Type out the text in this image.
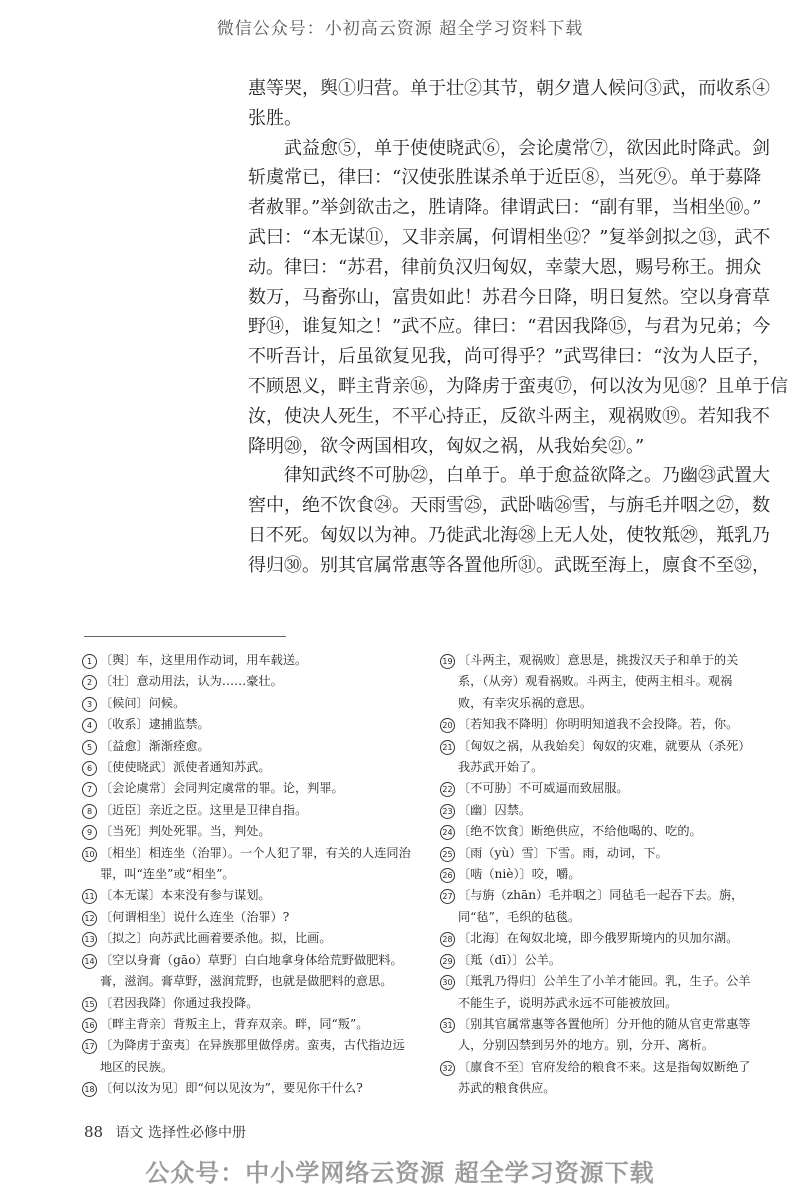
微信公众号：小初高云资源 超全学习资料下载
惠等哭，舆①归营。单于壮②其节，朝夕遣人候问③武，而收系④
张胜。
武益愈⑤，单于使使晓武⑥，会论虞常⑦，欲因此时降武。剑
斩虞常已，律曰：“汉使张胜谋杀单于近臣⑧，当死⑨。单于募降
者赦罪。”举剑欲击之，胜请降。律谓武曰：“副有罪，当相坐⑩。”
武曰：“本无谋⑪，又非亲属，何谓相坐⑫？”复举剑拟之⑬，武不
动。律曰：“苏君，律前负汉归匈奴，幸蒙大恩，赐号称王。拥众
数万，马畜弥山，富贵如此！苏君今日降，明日复然。空以身膏草
野⑭，谁复知之！”武不应。律曰：“君因我降⑮，与君为兄弟；今
不听吾计，后虽欲复见我，尚可得乎？”武骂律曰：“汝为人臣子，
不顾恩义，畔主背亲⑯，为降虏于蛮夷⑰，何以汝为见⑱？且单于信
汝，使决人死生，不平心持正，反欲斗两主，观祸败⑲。若知我不
降明⑳，欲令两国相攻，匈奴之祸，从我始矣㉑。”
律知武终不可胁㉒，白单于。单于愈益欲降之。乃幽㉓武置大
窖中，绝不饮食㉔。天雨雪㉕，武卧啮㉖雪，与旃毛并咽之㉗，数
日不死。匈奴以为神。乃徙武北海㉘上无人处，使牧羝㉙，羝乳乃
得归㉚。别其官属常惠等各置他所㉛。武既至海上，廪食不至㉜，
1 〔舆〕车，这里用作动词，用车载送。
2 〔壮〕意动用法，认为……豪壮。
3 〔候问〕问候。
4 〔收系〕逮捕监禁。
5 〔益愈〕渐渐痊愈。
6 〔使使晓武〕派使者通知苏武。
7 〔会论虞常〕会同判定虞常的罪。论，判罪。
8 〔近臣〕亲近之臣。这里是卫律自指。
9 〔当死〕判处死罪。当，判处。
10 〔相坐〕相连坐（治罪）。一个人犯了罪，有关的人连同治罪，叫“连坐”或“相坐”。
11 〔本无谋〕本来没有参与谋划。
12 〔何谓相坐〕说什么连坐（治罪）?
13 〔拟之〕向苏武比画着要杀他。拟，比画。
14 〔空以身膏（gāo）草野〕白白地拿身体给荒野做肥料。膏，滋润。膏草野，滋润荒野，也就是做肥料的意思。
15 〔君因我降〕你通过我投降。
16 〔畔主背亲〕背叛主上，背弃双亲。畔，同“叛”。
17 〔为降虏于蛮夷〕在异族那里做俘虏。蛮夷，古代指边远地区的民族。
18 〔何以汝为见〕即“何以见汝为”，要见你干什么?
19 〔斗两主，观祸败〕意思是，挑拨汉天子和单于的关系，（从旁）观看祸败。斗两主，使两主相斗。观祸败，有幸灾乐祸的意思。
20 〔若知我不降明〕你明明知道我不会投降。若，你。
21 〔匈奴之祸，从我始矣〕匈奴的灾难，就要从（杀死）我苏武开始了。
22 〔不可胁〕不可威逼而致屈服。
23 〔幽〕囚禁。
24 〔绝不饮食〕断绝供应，不给他喝的、吃的。
25 〔雨（yù）雪〕下雪。雨，动词，下。
26 〔啮（niè）〕咬，嚼。
27 〔与旃（zhān）毛并咽之〕同毡毛一起吞下去。旃，同“毡”，毛织的毡毯。
28 〔北海〕在匈奴北境，即今俄罗斯境内的贝加尔湖。
29 〔羝（dī）〕公羊。
30 〔羝乳乃得归〕公羊生了小羊才能回。乳，生子。公羊不能生子，说明苏武永远不可能被放回。
31 〔别其官属常惠等各置他所〕分开他的随从官吏常惠等人，分别囚禁到另外的地方。别，分开、离析。
32 〔廪食不至〕官府发给的粮食不来。这是指匈奴断绝了苏武的粮食供应。
88 语文 选择性必修中册
公众号：中小学网络云资源 超全学习资源下载
